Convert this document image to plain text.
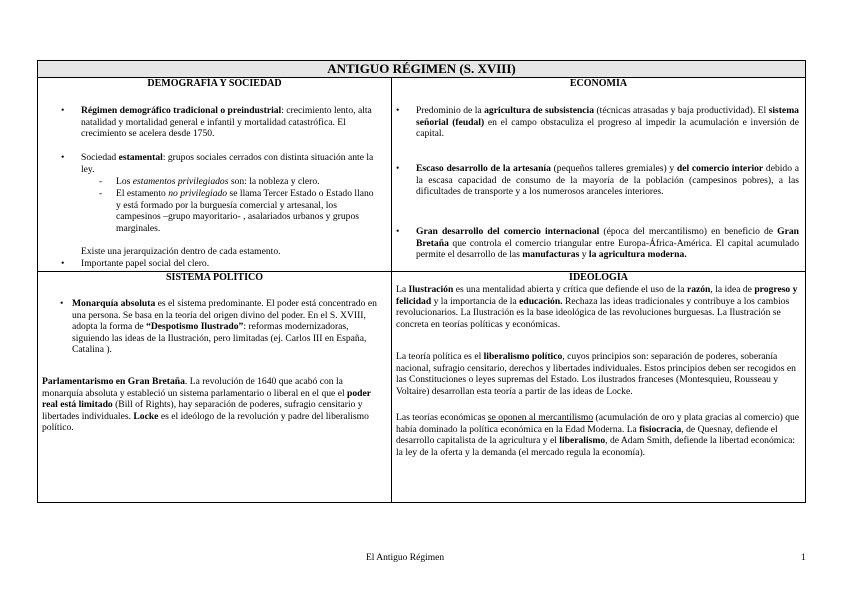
ANTIGUO RÉGIMEN (S. XVIII)
DEMOGRAFÍA Y SOCIEDAD
• Régimen demográfico tradicional o preindustrial: crecimiento lento, alta natalidad y mortalidad general e infantil y mortalidad catastrófica. El crecimiento se acelera desde 1750.
• Sociedad estamental: grupos sociales cerrados con distinta situación ante la ley.
- Los estamentos privilegiados son: la nobleza y clero.
- El estamento no privilegiado se llama Tercer Estado o Estado llano y está formado por la burguesía comercial y artesanal, los campesinos –grupo mayoritario- , asalariados urbanos y grupos marginales.
Existe una jerarquización dentro de cada estamento.
• Importante papel social del clero.
ECONOMÍA
• Predominio de la agricultura de subsistencia (técnicas atrasadas y baja productividad). El sistema señorial (feudal) en el campo obstaculiza el progreso al impedir la acumulación e inversión de capital.
• Escaso desarrollo de la artesanía (pequeños talleres gremiales) y del comercio interior debido a la escasa capacidad de consumo de la mayoría de la población (campesinos pobres), a las dificultades de transporte y a los numerosos aranceles interiores.
• Gran desarrollo del comercio internacional (época del mercantilismo) en beneficio de Gran Bretaña que controla el comercio triangular entre Europa-África-América. El capital acumulado permite el desarrollo de las manufacturas y la agricultura moderna.
SISTEMA POLÍTICO
• Monarquía absoluta es el sistema predominante. El poder está concentrado en una persona. Se basa en la teoría del origen divino del poder. En el S. XVIII, adopta la forma de “Despotismo Ilustrado”: reformas modernizadoras, siguiendo las ideas de la Ilustración, pero limitadas (ej. Carlos III en España, Catalina ).
Parlamentarismo en Gran Bretaña. La revolución de 1640 que acabó con la monarquía absoluta y estableció un sistema parlamentario o liberal en el que el poder real está limitado (Bill of Rights), hay separación de poderes, sufragio censitario y libertades individuales. Locke es el ideólogo de la revolución y padre del liberalismo político.
IDEOLOGÍA
La Ilustración es una mentalidad abierta y crítica que defiende el uso de la razón, la idea de progreso y felicidad y la importancia de la educación. Rechaza las ideas tradicionales y contribuye a los cambios revolucionarios. La Ilustración es la base ideológica de las revoluciones burguesas. La Ilustración se concreta en teorías políticas y económicas.
La teoría política es el liberalismo político, cuyos principios son: separación de poderes, soberanía nacional, sufragio censitario, derechos y libertades individuales. Estos principios deben ser recogidos en las Constituciones o leyes supremas del Estado. Los ilustrados franceses (Montesquieu, Rousseau y Voltaire) desarrollan esta teoría a partir de las ideas de Locke.
Las teorías económicas se oponen al mercantilismo (acumulación de oro y plata gracias al comercio) que había dominado la política económica en la Edad Moderna. La fisiocracia, de Quesnay, defiende el desarrollo capitalista de la agricultura y el liberalismo, de Adam Smith, defiende la libertad económica: la ley de la oferta y la demanda (el mercado regula la economía).
El Antiguo Régimen	1
